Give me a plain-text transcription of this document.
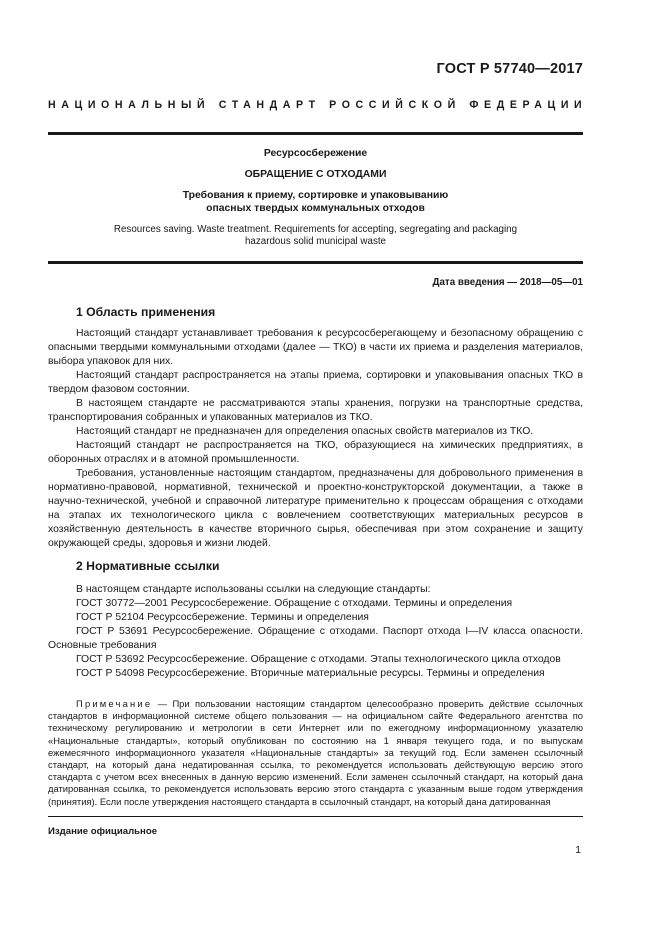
ГОСТ Р 57740—2017
НАЦИОНАЛЬНЫЙ СТАНДАРТ РОССИЙСКОЙ ФЕДЕРАЦИИ
Ресурсосбережение
ОБРАЩЕНИЕ С ОТХОДАМИ
Требования к приему, сортировке и упаковыванию
опасных твердых коммунальных отходов
Resources saving. Waste treatment. Requirements for accepting, segregating and packaging
hazardous solid municipal waste
Дата введения — 2018—05—01
1 Область применения

Настоящий стандарт устанавливает требования к ресурсосберегающему и безопасному обращению с опасными твердыми коммунальными отходами (далее — ТКО) в части их приема и разделения материалов, выбора упаковок для них.

Настоящий стандарт распространяется на этапы приема, сортировки и упаковывания опасных ТКО в твердом фазовом состоянии.

В настоящем стандарте не рассматриваются этапы хранения, погрузки на транспортные средства, транспортирования собранных и упакованных материалов из ТКО.

Настоящий стандарт не предназначен для определения опасных свойств материалов из ТКО.

Настоящий стандарт не распространяется на ТКО, образующиеся на химических предприятиях, в оборонных отраслях и в атомной промышленности.

Требования, установленные настоящим стандартом, предназначены для добровольного применения в нормативно-правовой, нормативной, технической и проектно-конструкторской документации, а также в научно-технической, учебной и справочной литературе применительно к процессам обращения с отходами на этапах их технологического цикла с вовлечением соответствующих материальных ресурсов в хозяйственную деятельность в качестве вторичного сырья, обеспечивая при этом сохранение и защиту окружающей среды, здоровья и жизни людей.

2 Нормативные ссылки

В настоящем стандарте использованы ссылки на следующие стандарты:

ГОСТ 30772—2001 Ресурсосбережение. Обращение с отходами. Термины и определения

ГОСТ Р 52104 Ресурсосбережение. Термины и определения

ГОСТ Р 53691 Ресурсосбережение. Обращение с отходами. Паспорт отхода I—IV класса опасности. Основные требования

ГОСТ Р 53692 Ресурсосбережение. Обращение с отходами. Этапы технологического цикла отходов

ГОСТ Р 54098 Ресурсосбережение. Вторичные материальные ресурсы. Термины и определения

Примечание — При пользовании настоящим стандартом целесообразно проверить действие ссылочных стандартов в информационной системе общего пользования — на официальном сайте Федерального агентства по техническому регулированию и метрологии в сети Интернет или по ежегодному информационному указателю «Национальные стандарты», который опубликован по состоянию на 1 января текущего года, и по выпускам ежемесячного информационного указателя «Национальные стандарты» за текущий год. Если заменен ссылочный стандарт, на который дана недатированная ссылка, то рекомендуется использовать действующую версию этого стандарта с учетом всех внесенных в данную версию изменений. Если заменен ссылочный стандарт, на который дана датированная ссылка, то рекомендуется использовать версию этого стандарта с указанным выше годом утверждения (принятия). Если после утверждения настоящего стандарта в ссылочный стандарт, на который дана датированная
Издание официальное
1
